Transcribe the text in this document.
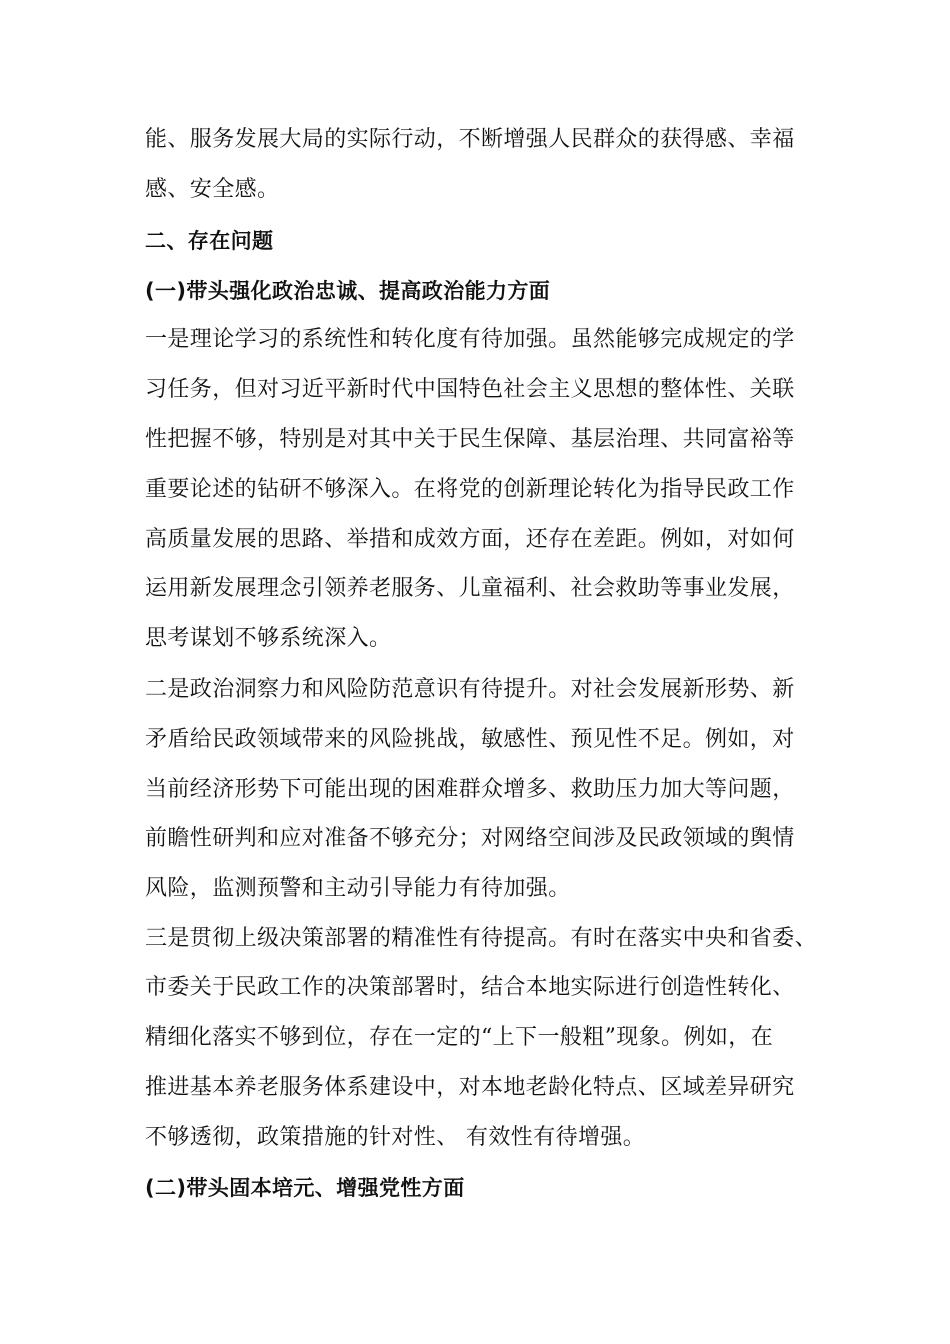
能、服务发展大局的实际行动，不断增强人民群众的获得感、幸福
感、安全感。
二、存在问题
(一)带头强化政治忠诚、提高政治能力方面
一是理论学习的系统性和转化度有待加强。虽然能够完成规定的学
习任务，但对习近平新时代中国特色社会主义思想的整体性、关联
性把握不够，特别是对其中关于民生保障、基层治理、共同富裕等
重要论述的钻研不够深入。在将党的创新理论转化为指导民政工作
高质量发展的思路、举措和成效方面，还存在差距。例如，对如何
运用新发展理念引领养老服务、儿童福利、社会救助等事业发展，
思考谋划不够系统深入。
二是政治洞察力和风险防范意识有待提升。对社会发展新形势、新
矛盾给民政领域带来的风险挑战，敏感性、预见性不足。例如，对
当前经济形势下可能出现的困难群众增多、救助压力加大等问题，
前瞻性研判和应对准备不够充分；对网络空间涉及民政领域的舆情
风险，监测预警和主动引导能力有待加强。
三是贯彻上级决策部署的精准性有待提高。有时在落实中央和省委、
市委关于民政工作的决策部署时，结合本地实际进行创造性转化、
精细化落实不够到位，存在一定的“上下一般粗”现象。例如，在
推进基本养老服务体系建设中，对本地老龄化特点、区域差异研究
不够透彻，政策措施的针对性、 有效性有待增强。
(二)带头固本培元、增强党性方面
